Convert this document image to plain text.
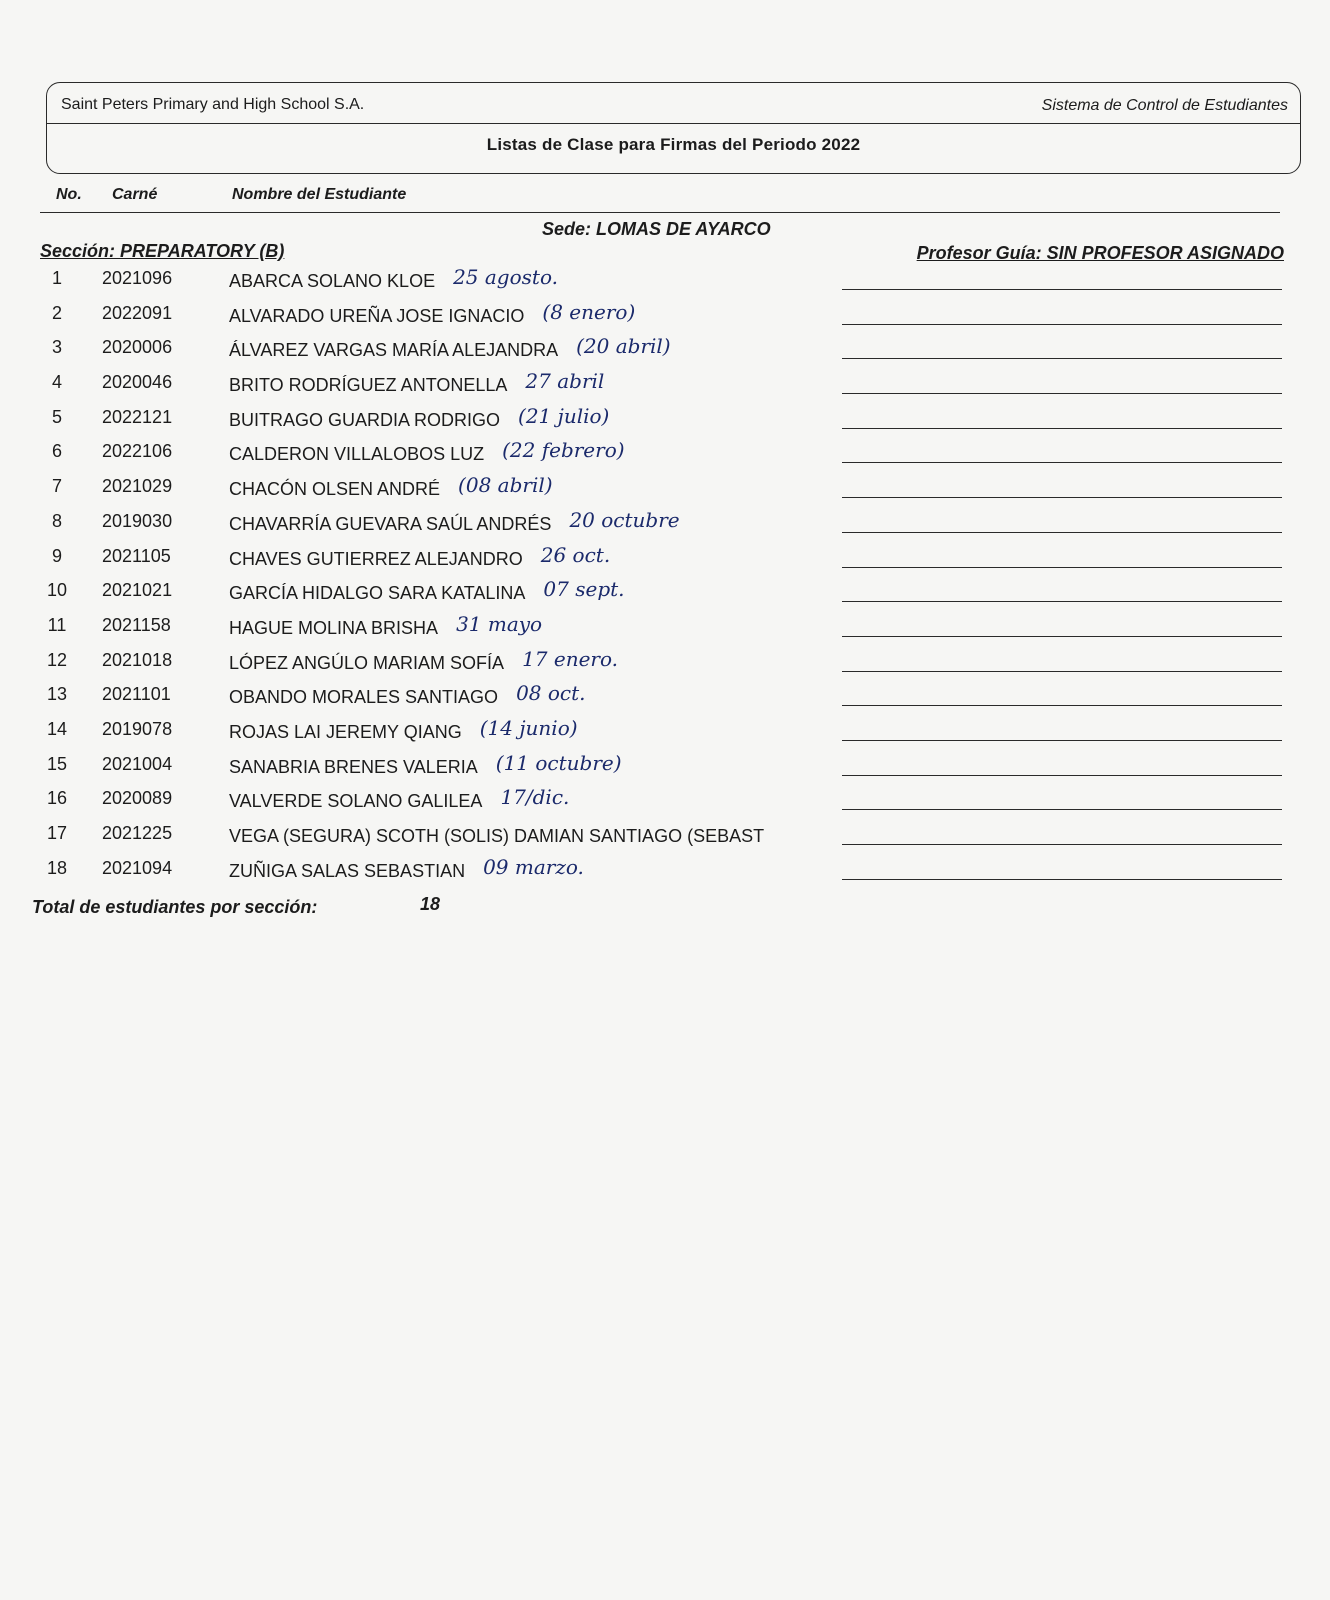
Saint Peters Primary and High School S.A.	Sistema de Control de Estudiantes
Listas de Clase para Firmas del Periodo 2022
No. Carné	Nombre del Estudiante
Sede: LOMAS DE AYARCO
Sección: PREPARATORY (B)	Profesor Guía: SIN PROFESOR ASIGNADO
1	2021096	ABARCA SOLANO KLOE 25 agosto.
2	2022091	ALVARADO UREÑA JOSE IGNACIO (8 enero)
3	2020006	ÁLVAREZ VARGAS MARÍA ALEJANDRA (20 abril)
4	2020046	BRITO RODRÍGUEZ ANTONELLA 27 abril
5	2022121	BUITRAGO GUARDIA RODRIGO (21 julio)
6	2022106	CALDERON VILLALOBOS LUZ (22 febrero)
7	2021029	CHACÓN OLSEN ANDRÉ (08 abril)
8	2019030	CHAVARRÍA GUEVARA SAÚL ANDRÉS 20 octubre
9	2021105	CHAVES GUTIERREZ ALEJANDRO 26 oct.
10	2021021	GARCÍA HIDALGO SARA KATALINA 07 sept.
11	2021158	HAGUE MOLINA BRISHA 31 mayo
12	2021018	LÓPEZ ANGÚLO MARIAM SOFÍA 17 enero.
13	2021101	OBANDO MORALES SANTIAGO 08 oct.
14	2019078	ROJAS LAI JEREMY QIANG (14 junio)
15	2021004	SANABRIA BRENES VALERIA (11 octubre)
16	2020089	VALVERDE SOLANO GALILEA 17/dic.
17	2021225	VEGA (SEGURA) SCOTH (SOLIS) DAMIAN SANTIAGO (SEBAST
18	2021094	ZUÑIGA SALAS SEBASTIAN 09 marzo.
Total de estudiantes por sección:	18
